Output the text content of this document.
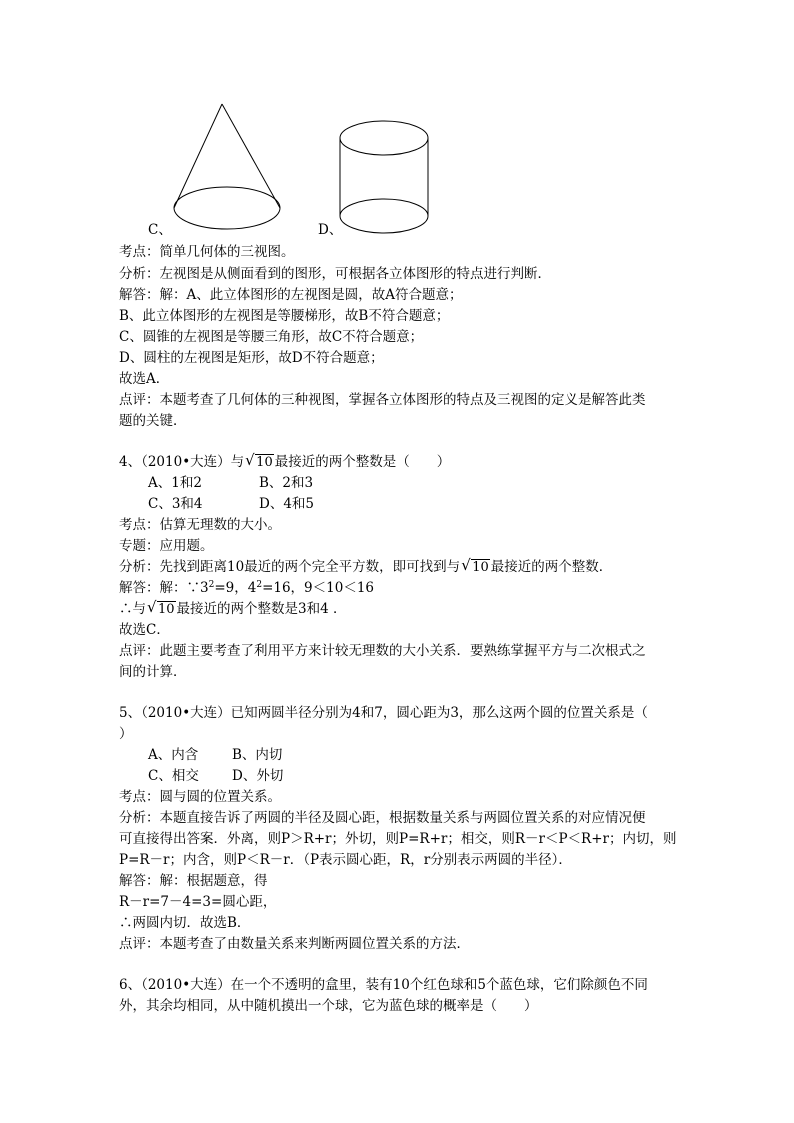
C、	D、
考点：简单几何体的三视图。
分析：左视图是从侧面看到的图形，可根据各立体图形的特点进行判断．
解答：解：A、此立体图形的左视图是圆，故A符合题意；
B、此立体图形的左视图是等腰梯形，故B不符合题意；
C、圆锥的左视图是等腰三角形，故C不符合题意；
D、圆柱的左视图是矩形，故D不符合题意；
故选A．
点评：本题考查了几何体的三种视图，掌握各立体图形的特点及三视图的定义是解答此类
题的关键．
4、（2010•大连）与 √ 10 最接近的两个整数是（　　）
A、1和2	B、2和3
C、3和4	D、4和5
考点：估算无理数的大小。
专题：应用题。
分析：先找到距离10最近的两个完全平方数，即可找到与 √ 10 最接近的两个整数．
解答：解：$\because 3^2=9$，$4^2=16$，9＜10＜16
∴与 √ 10 最接近的两个整数是3和4 ．
故选C．
点评：此题主要考查了利用平方来计较无理数的大小关系．要熟练掌握平方与二次根式之
间的计算．
5、（2010•大连）已知两圆半径分别为4和7，圆心距为3，那么这两个圆的位置关系是（
）
A、内含	B、内切
C、相交 D、外切
考点：圆与圆的位置关系。
分析：本题直接告诉了两圆的半径及圆心距，根据数量关系与两圆位置关系的对应情况便
可直接得出答案．外离，则P＞R+r；外切，则P=R+r；相交，则R－r＜P＜R+r；内切，则
P=R－r；内含，则P＜R－r．（P表示圆心距，R，r分别表示两圆的半径）．
解答：解：根据题意，得
R－r=7－4=3=圆心距，
∴两圆内切．故选B．
点评：本题考查了由数量关系来判断两圆位置关系的方法．
6、（2010•大连）在一个不透明的盒里，装有10个红色球和5个蓝色球，它们除颜色不同
外，其余均相同，从中随机摸出一个球，它为蓝色球的概率是（　　）
